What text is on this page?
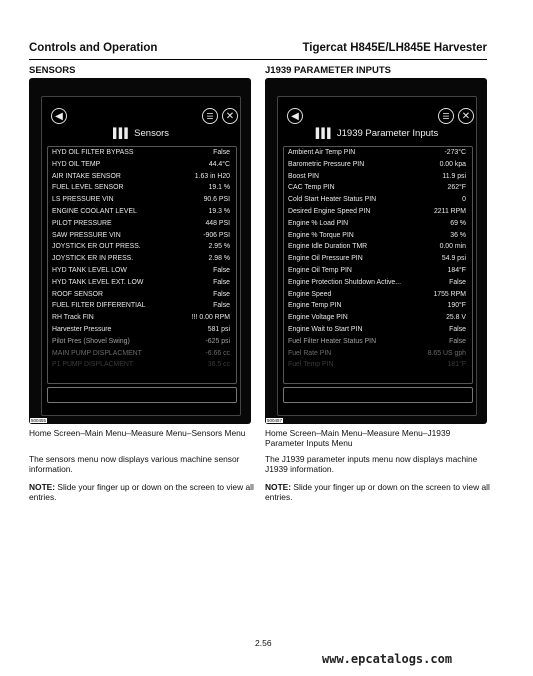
Controls and Operation	Tigercat H845E/LH845E Harvester
SENSORS
◀	☰	✕
▌▌▌ Sensors
HYD OIL FILTER BYPASS	False
HYD OIL TEMP	44.4°C
AIR INTAKE SENSOR	1.63 in H20
FUEL LEVEL SENSOR	19.1 %
LS PRESSURE VIN	90.6 PSI
ENGINE COOLANT LEVEL	19.3 %
PILOT PRESSURE	448 PSI
SAW PRESSURE VIN	-906 PSI
JOYSTICK ER OUT PRESS.	2.95 %
JOYSTICK ER IN PRESS.	2.98 %
HYD TANK LEVEL LOW	False
HYD TANK LEVEL EXT. LOW	False
ROOF SENSOR	False
FUEL FILTER DIFFERENTIAL	False
RH Track FIN	!!! 0.00 RPM
Harvester Pressure	581 psi
Pilot Pres (Shovel Swing)	-625 psi
MAIN PUMP DISPLACMENT	-6.66 cc
P1 PUMP DISPLACMENT	36.5 cc
500455
Home Screen–Main Menu–Measure Menu–Sensors Menu
The sensors menu now displays various machine sensor information.
NOTE: Slide your finger up or down on the screen to view all entries.
J1939 PARAMETER INPUTS
◀	☰	✕
▌▌▌ J1939 Parameter Inputs
Ambient Air Temp PIN	-273°C
Barometric Pressure PIN	0.00 kpa
Boost PIN	11.9 psi
CAC Temp PIN	262°F
Cold Start Heater Status PIN	0
Desired Engine Speed PIN	2211 RPM
Engine % Load PIN	69 %
Engine % Torque PIN	36 %
Engine Idle Duration TMR	0.00 min
Engine Oil Pressure PIN	54.9 psi
Engine Oil Temp PIN	184°F
Engine Protection Shutdown Active...	False
Engine Speed	1755 RPM
Engine Temp PIN	190°F
Engine Voltage PIN	25.8 V
Engine Wait to Start PIN	False
Fuel Filter Heater Status PIN	False
Fuel Rate PIN	8.65 US gph
Fuel Temp PIN	181°F
500457
Home Screen–Main Menu–Measure Menu–J1939 Parameter Inputs Menu
The J1939 parameter inputs menu now displays machine J1939 information.
NOTE: Slide your finger up or down on the screen to view all entries.
2.56
www.epcatalogs.com
